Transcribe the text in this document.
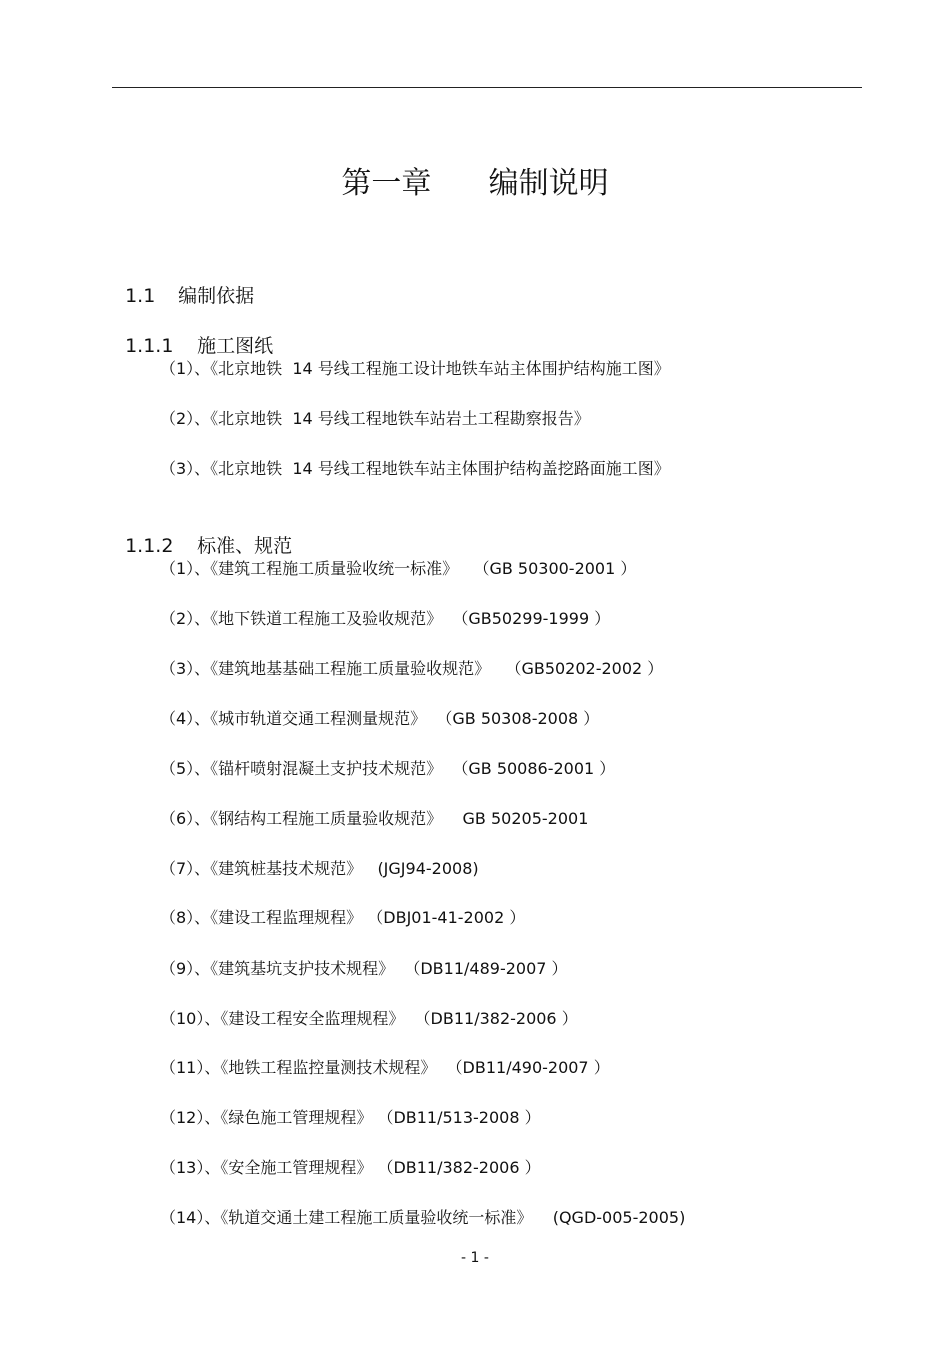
第一章      编制说明

1.1 编制依据

1.1.1 施工图纸

（1）、《北京地铁  14 号线工程施工设计地铁车站主体围护结构施工图》
（2）、《北京地铁  14 号线工程地铁车站岩土工程勘察报告》
（3）、《北京地铁  14 号线工程地铁车站主体围护结构盖挖路面施工图》

1.1.2 标准、规范

（1）、《建筑工程施工质量验收统一标准》   （GB 50300-2001 ）
（2）、《地下铁道工程施工及验收规范》  （GB50299-1999 ）
（3）、《建筑地基基础工程施工质量验收规范》   （GB50202-2002 ）
（4）、《城市轨道交通工程测量规范》  （GB 50308-2008 ）
（5）、《锚杆喷射混凝土支护技术规范》  （GB 50086-2001 ）
（6）、《钢结构工程施工质量验收规范》    GB 50205-2001
（7）、《建筑桩基技术规范》   (JGJ94-2008)
（8）、《建设工程监理规程》 （DBJ01-41-2002 ）
（9）、《建筑基坑支护技术规程》  （DB11/489-2007 ）
（10）、《建设工程安全监理规程》  （DB11/382-2006 ）
（11）、《地铁工程监控量测技术规程》  （DB11/490-2007 ）
（12）、《绿色施工管理规程》 （DB11/513-2008 ）
（13）、《安全施工管理规程》 （DB11/382-2006 ）
（14）、《轨道交通土建工程施工质量验收统一标准》    (QGD-005-2005)
- 1 -
